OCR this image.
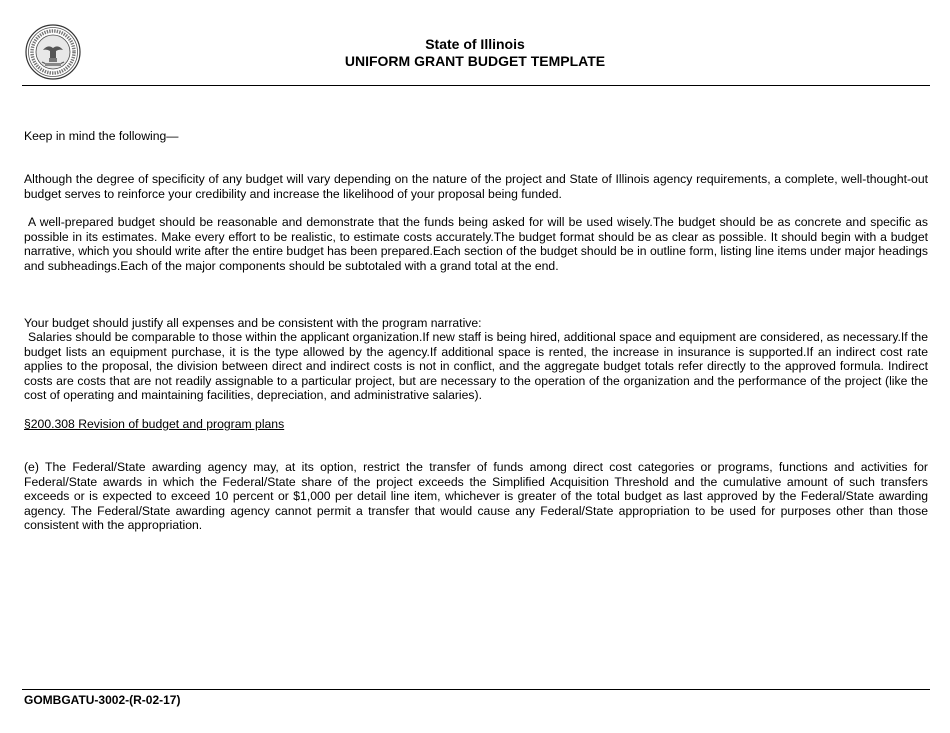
State of Illinois
UNIFORM GRANT BUDGET TEMPLATE

Keep in mind the following—

Although the degree of specificity of any budget will vary depending on the nature of the project and State of Illinois agency requirements, a complete, well-thought-out budget serves to reinforce your credibility and increase the likelihood of your proposal being funded.

A well-prepared budget should be reasonable and demonstrate that the funds being asked for will be used wisely.The budget should be as concrete and specific as possible in its estimates. Make every effort to be realistic, to estimate costs accurately.The budget format should be as clear as possible. It should begin with a budget narrative, which you should write after the entire budget has been prepared.Each section of the budget should be in outline form, listing line items under major headings and subheadings.Each of the major components should be subtotaled with a grand total at the end.

Your budget should justify all expenses and be consistent with the program narrative:

Salaries should be comparable to those within the applicant organization.If new staff is being hired, additional space and equipment are considered, as necessary.If the budget lists an equipment purchase, it is the type allowed by the agency.If additional space is rented, the increase in insurance is supported.If an indirect cost rate applies to the proposal, the division between direct and indirect costs is not in conflict, and the aggregate budget totals refer directly to the approved formula. Indirect costs are costs that are not readily assignable to a particular project, but are necessary to the operation of the organization and the performance of the project (like the cost of operating and maintaining facilities, depreciation, and administrative salaries).

§200.308 Revision of budget and program plans

(e) The Federal/State awarding agency may, at its option, restrict the transfer of funds among direct cost categories or programs, functions and activities for Federal/State awards in which the Federal/State share of the project exceeds the Simplified Acquisition Threshold and the cumulative amount of such transfers exceeds or is expected to exceed 10 percent or $1,000 per detail line item, whichever is greater of the total budget as last approved by the Federal/State awarding agency. The Federal/State awarding agency cannot permit a transfer that would cause any Federal/State appropriation to be used for purposes other than those consistent with the appropriation.

GOMBGATU-3002-(R-02-17)
